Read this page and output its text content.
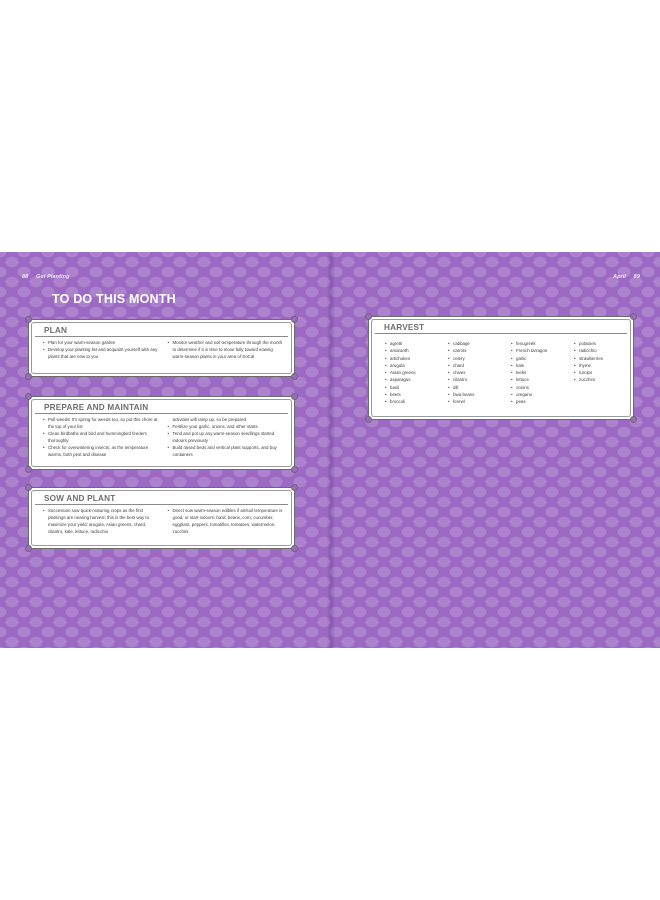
88 Get Planting	April 89
TO DO THIS MONTH
PLAN
• Plan for your warm-season garden
• Develop your planting list and acquaint yourself with any plants that are new to you
• Monitor weather and soil temperature through the month to determine if it is time to move fully toward sowing warm-season plants in your area of SoCal
PREPARE AND MAINTAIN
• Pull weeds! It's spring for weeds too, so put this chore at the top of your list
• Clean birdbaths and bird and hummingbird feeders thoroughly
• Check for overwintering insects; as the temperature warms, both pest and disease
activities will ramp up, so be prepared
• Fertilize your garlic, onions, and other starts
• Tend and pot up any warm-season seedlings started indoors previously
• Build raised beds and vertical plant supports, and buy containers
SOW AND PLANT
• Succession sow quick-maturing crops as the first plantings are nearing harvest; this is the best way to maximize your yield: arugula, Asian greens, chard, cilantro, kale, lettuce, radicchio
• Direct sow warm-season edibles if air/soil temperature is good, or start indoors: basil, beans, corn, cucumber, eggplant, peppers, tomatillos, tomatoes, watermelon, zucchini
HARVEST
• agretti
• amaranth
• artichokes
• arugula
• Asian greens
• asparagus
• basil
• beets
• broccoli
• cabbage
• carrots
• celery
• chard
• chives
• cilantro
• dill
• fava beans
• fennel
• fenugreek
• French tarragon
• garlic
• kale
• leeks
• lettuce
• onions
• oregano
• peas
• potatoes
• radicchio
• strawberries
• thyme
• turnips
• zucchini
